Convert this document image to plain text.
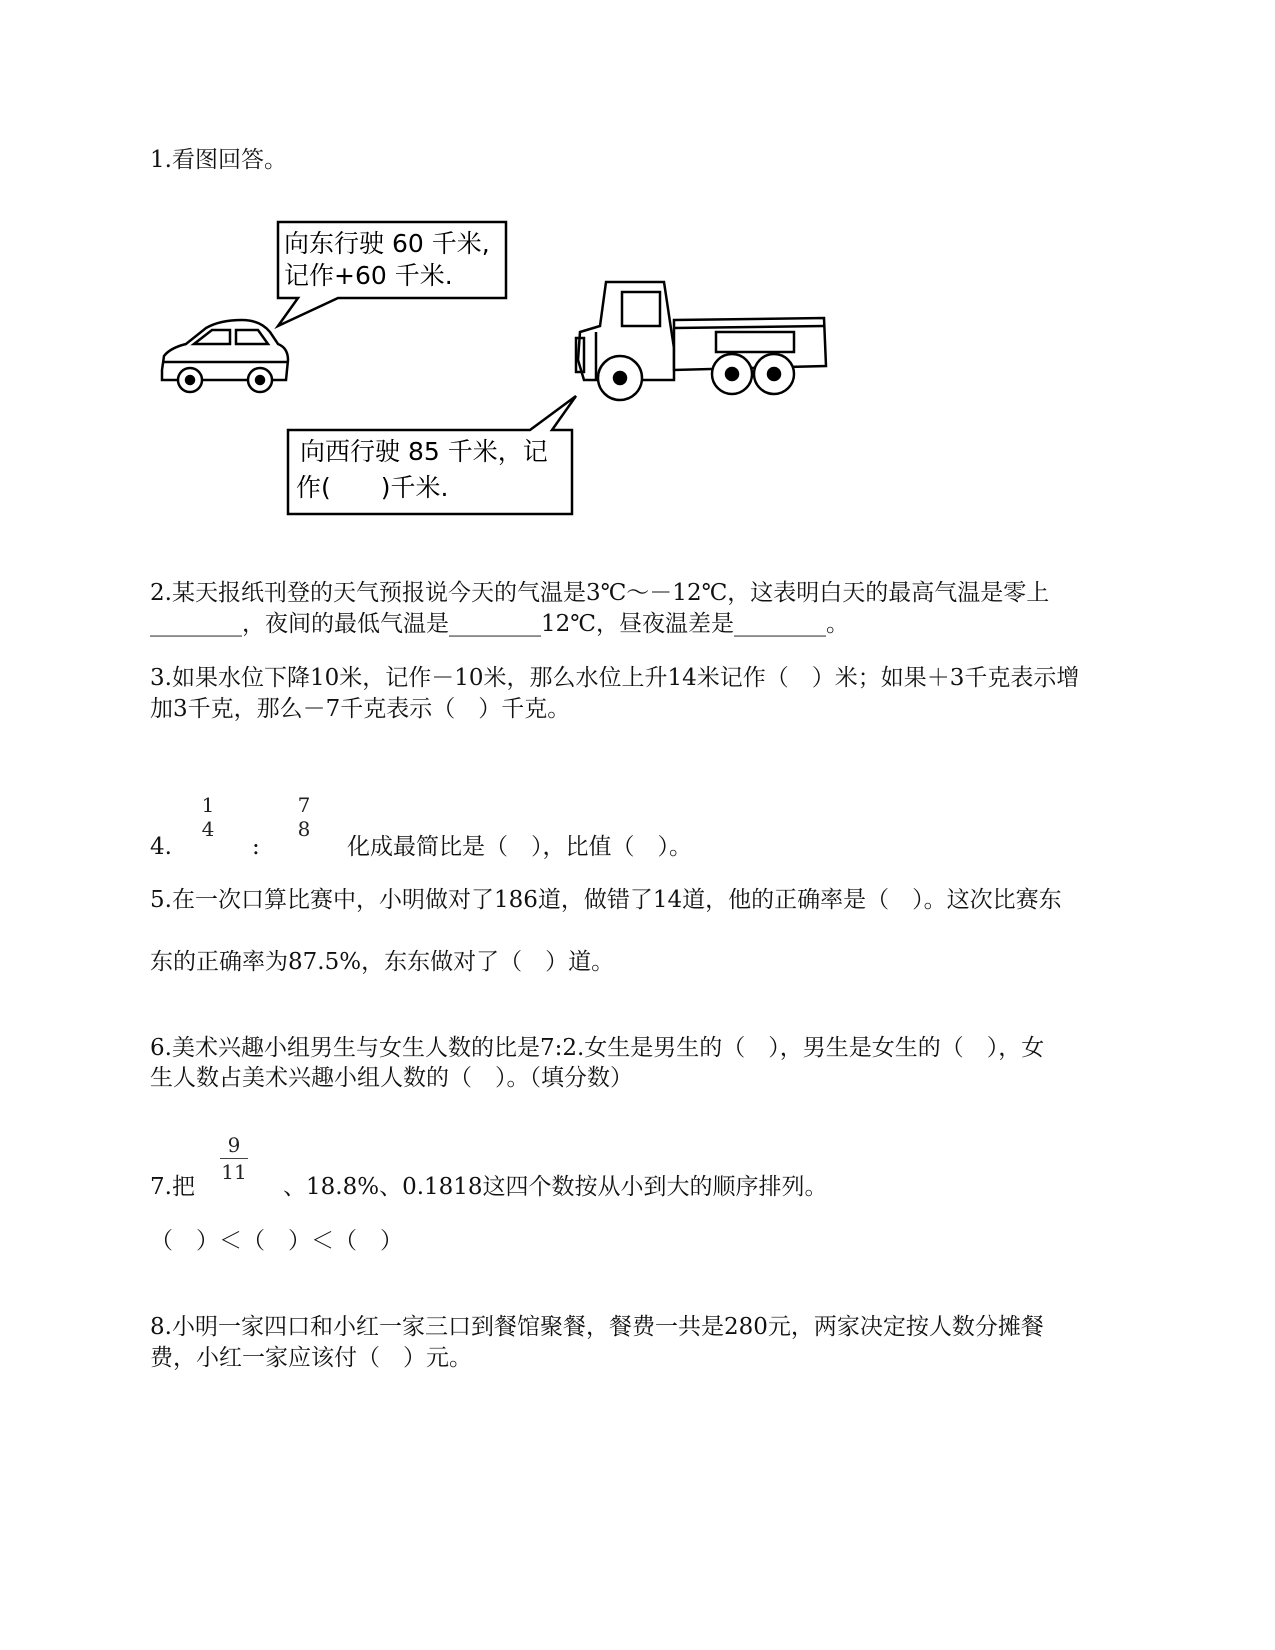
1.看图回答。

向东行驶 60 千米,
记作+60 千米.
向西行驶 85 千米，记
作(　　)千米.

2.某天报纸刊登的天气预报说今天的气温是3℃～－12℃，这表明白天的最高气温是零上

________，夜间的最低气温是________12℃，昼夜温差是________。

3.如果水位下降10米，记作－10米，那么水位上升14米记作（　）米；如果＋3千克表示增

加3千克，那么－7千克表示（　）千克。

4.
1
4
:
7
8
化成最简比是（　），比值（　）。

5.在一次口算比赛中，小明做对了186道，做错了14道，他的正确率是（　）。这次比赛东

东的正确率为87.5%，东东做对了（　）道。

6.美术兴趣小组男生与女生人数的比是7:2.女生是男生的（　），男生是女生的（　），女

生人数占美术兴趣小组人数的（　）。（填分数）

7.把
9
11
、18.8%、0.1818这四个数按从小到大的顺序排列。

（　）＜（　）＜（　）

8.小明一家四口和小红一家三口到餐馆聚餐，餐费一共是280元，两家决定按人数分摊餐

费，小红一家应该付（　）元。
